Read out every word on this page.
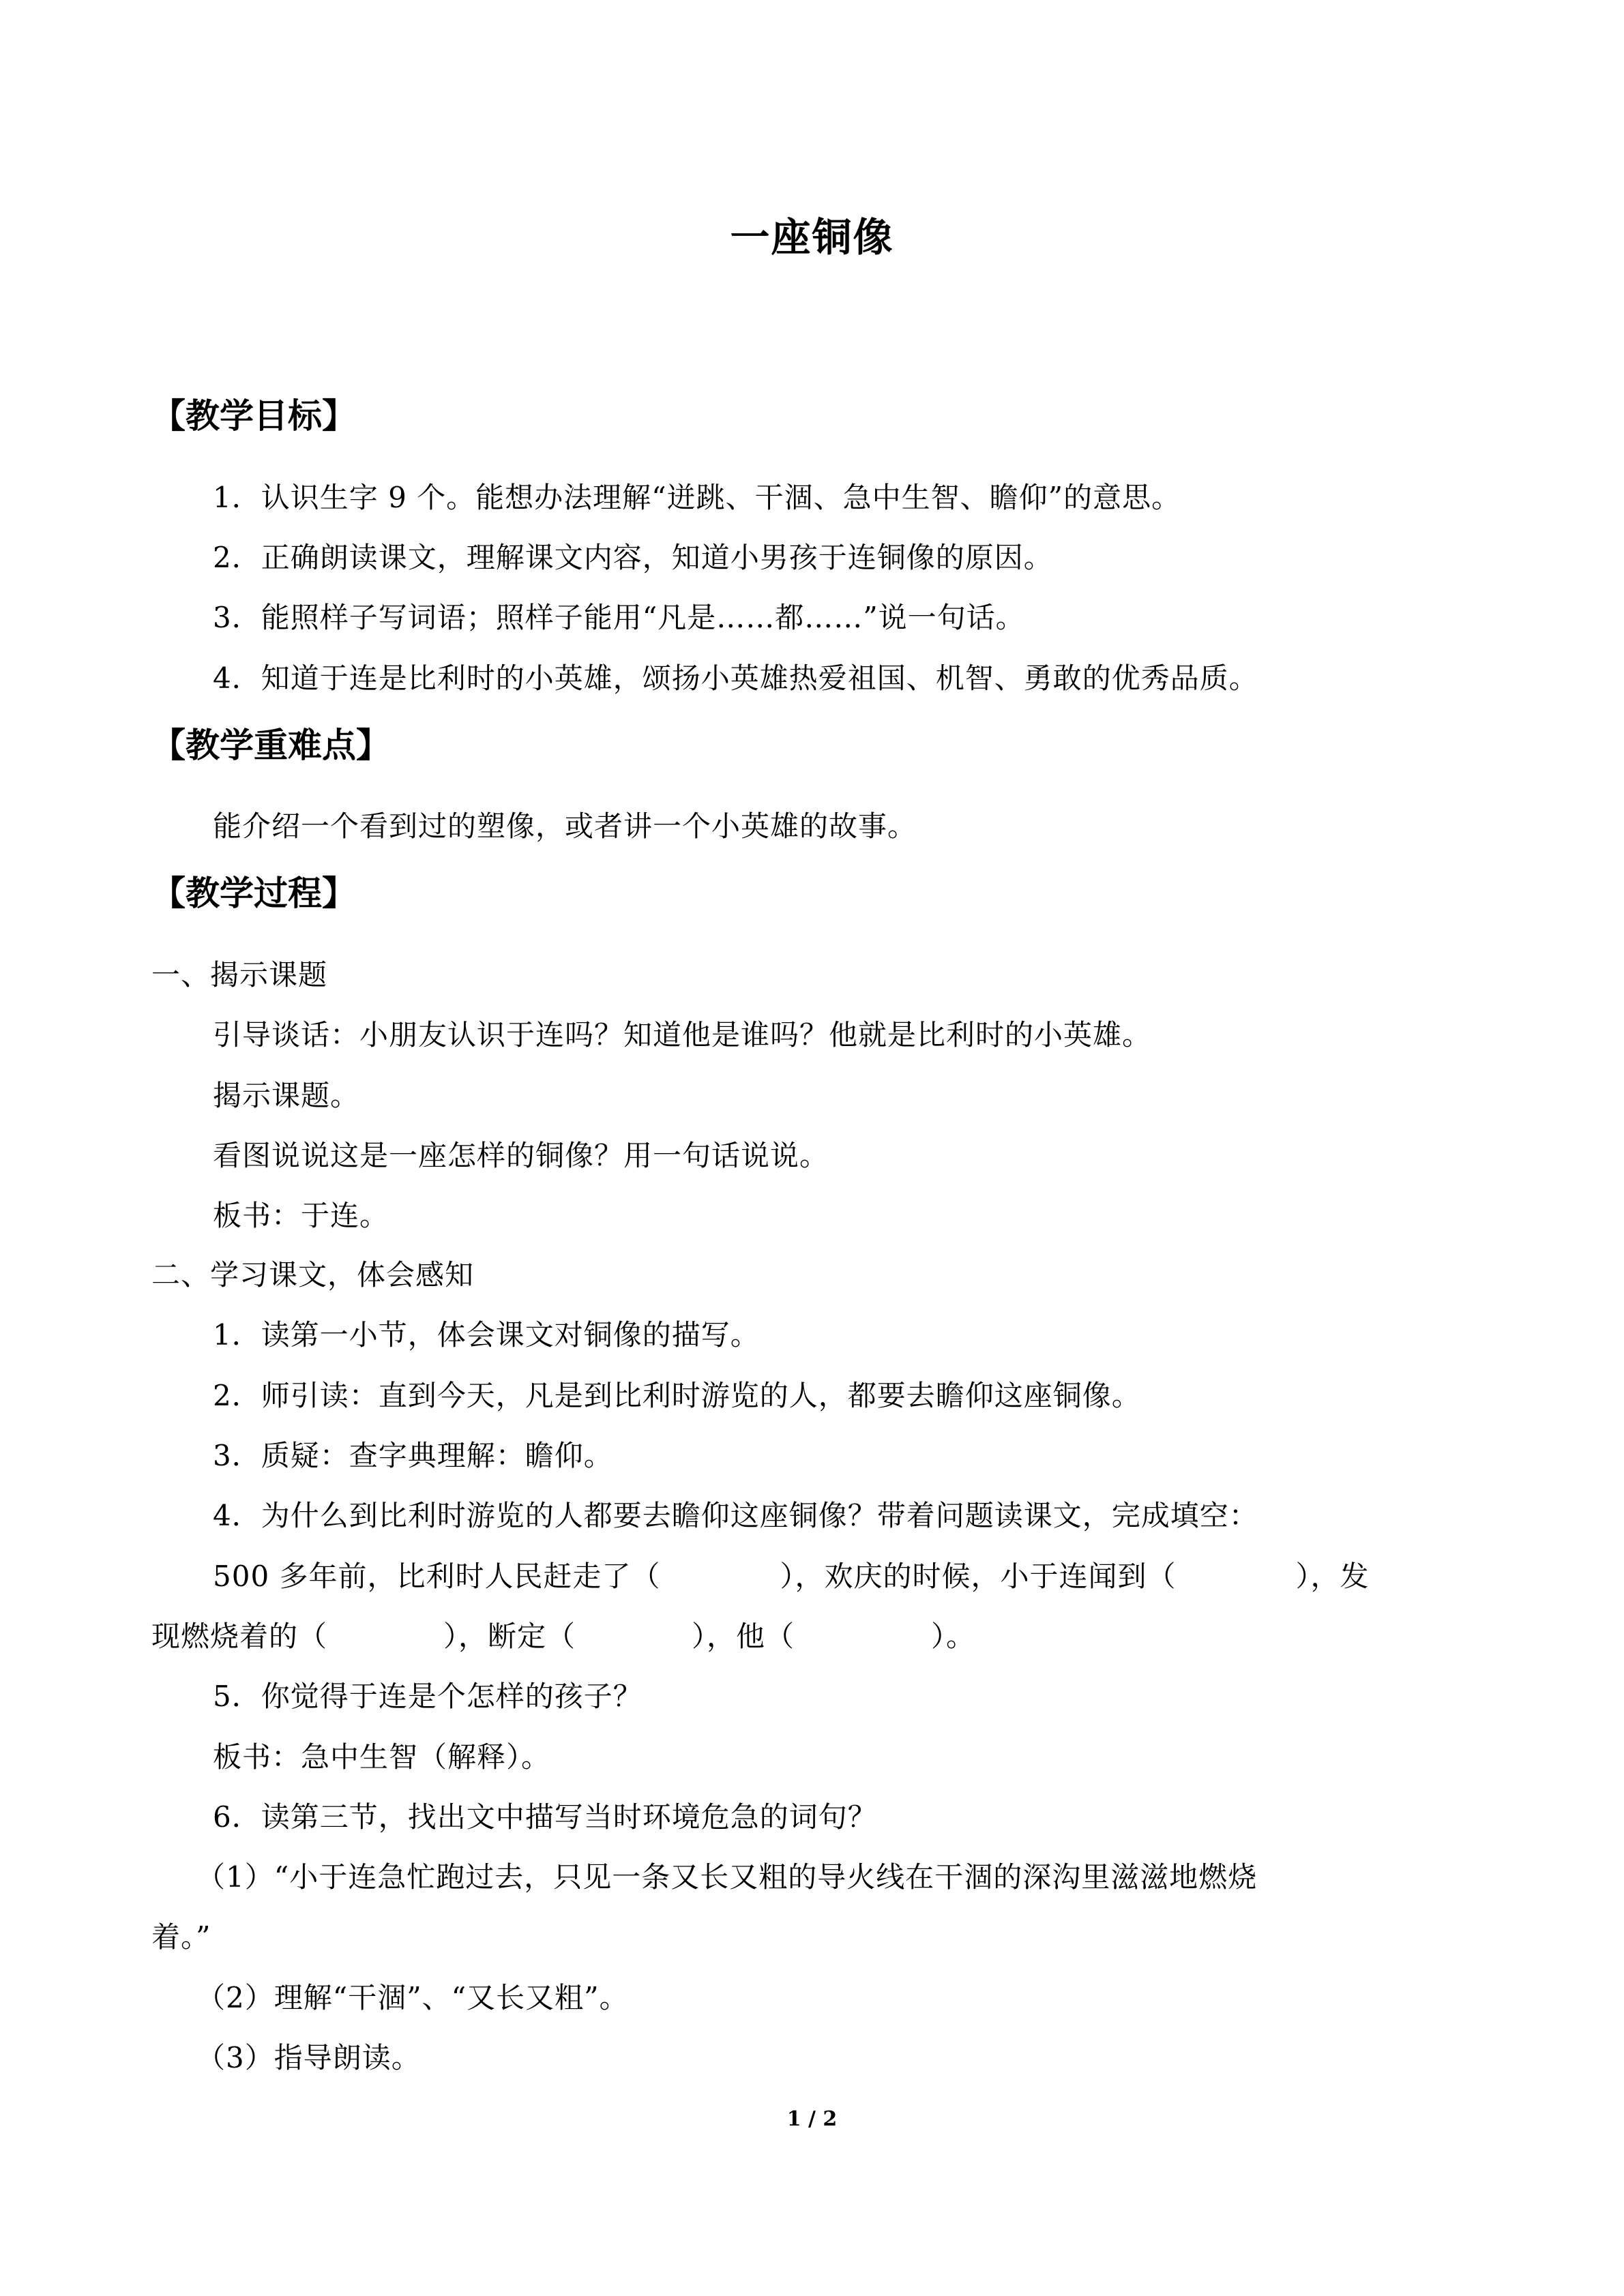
一座铜像
【教学目标】
1．认识生字 9 个。能想办法理解“迸跳、干涸、急中生智、瞻仰”的意思。
2．正确朗读课文，理解课文内容，知道小男孩于连铜像的原因。
3．能照样子写词语；照样子能用“凡是……都……”说一句话。
4．知道于连是比利时的小英雄，颂扬小英雄热爱祖国、机智、勇敢的优秀品质。
【教学重难点】
能介绍一个看到过的塑像，或者讲一个小英雄的故事。
【教学过程】
一、揭示课题
引导谈话：小朋友认识于连吗？知道他是谁吗？他就是比利时的小英雄。
揭示课题。
看图说说这是一座怎样的铜像？用一句话说说。
板书：于连。
二、学习课文，体会感知
1．读第一小节，体会课文对铜像的描写。
2．师引读：直到今天，凡是到比利时游览的人，都要去瞻仰这座铜像。
3．质疑：查字典理解：瞻仰。
4．为什么到比利时游览的人都要去瞻仰这座铜像？带着问题读课文，完成填空：
500 多年前，比利时人民赶走了（	），欢庆的时候，小于连闻到（	），发
现燃烧着的（	），断定（	），他（	）。
5．你觉得于连是个怎样的孩子？
板书：急中生智（解释）。
6．读第三节，找出文中描写当时环境危急的词句？
（1）“小于连急忙跑过去，只见一条又长又粗的导火线在干涸的深沟里滋滋地燃烧
着。”
（2）理解“干涸”、“又长又粗”。
（3）指导朗读。
1 / 2
